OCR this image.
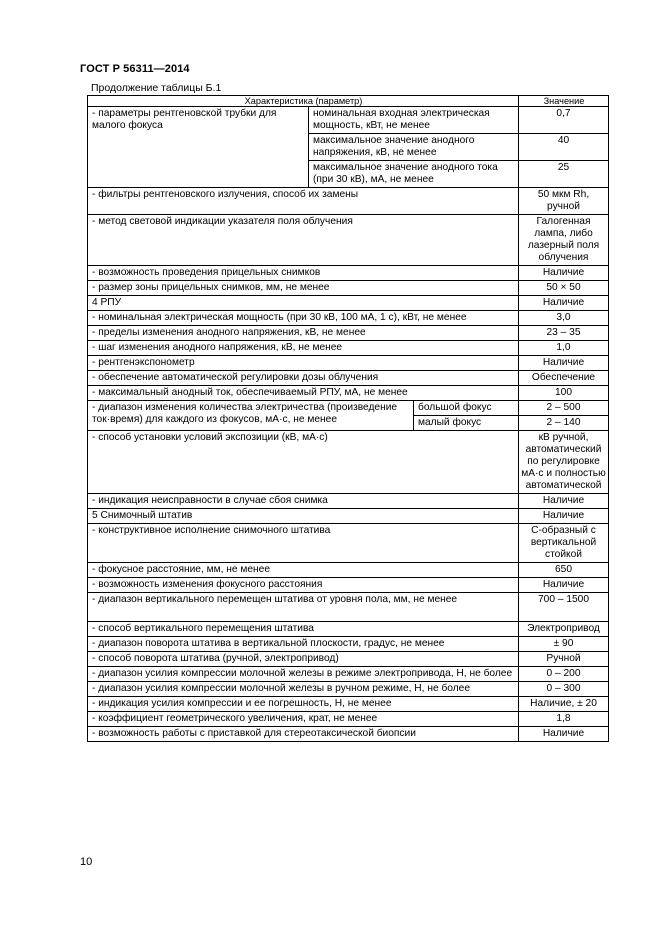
ГОСТ Р 56311—2014
Продолжение таблицы Б.1
Характеристика (параметр)			Значение
- параметры рентгеновской трубки для малого фокуса	номинальная входная электрическая мощность, кВт, не менее		0,7
	максимальное значение анодного напряжения, кВ, не менее		40
	максимальное значение анодного тока (при 30 кВ), мА, не менее		25
- фильтры рентгеновского излучения, способ их замены			50 мкм Rh, ручной
- метод световой индикации указателя поля облучения			Галогенная лампа, либо лазерный поля облучения
- возможность проведения прицельных снимков			Наличие
- размер зоны прицельных снимков, мм, не менее			50 × 50
4 РПУ			Наличие
- номинальная электрическая мощность (при 30 кВ, 100 мА, 1 с), кВт, не менее			3,0
- пределы изменения анодного напряжения, кВ, не менее			23 – 35
- шаг изменения анодного напряжения, кВ, не менее			1,0
- рентгенэкспонометр			Наличие
- обеспечение автоматической регулировки дозы облучения			Обеспечение
- максимальный анодный ток, обеспечиваемый РПУ, мА, не менее			100
- диапазон изменения количества электричества (произведение ток·время) для каждого из фокусов, мА·с, не менее		большой фокус	2 – 500
		малый фокус	2 – 140
- способ установки условий экспозиции (кВ, мА·с)			кВ ручной, автоматический по регулировке мА·с и полностью автоматической
- индикация неисправности в случае сбоя снимка			Наличие
5 Снимочный штатив			Наличие
- конструктивное исполнение снимочного штатива			С-образный с вертикальной стойкой
- фокусное расстояние, мм, не менее			650
- возможность изменения фокусного расстояния			Наличие
- диапазон вертикального перемещен штатива от уровня пола, мм, не менее			700 – 1500
- способ вертикального перемещения штатива			Электропривод
- диапазон поворота штатива в вертикальной плоскости, градус, не менее			± 90
- способ поворота штатива (ручной, электропривод)			Ручной
- диапазон усилия компрессии молочной железы в режиме электропривода, Н, не более			0 – 200
- диапазон усилия компрессии молочной железы в ручном режиме, Н, не более			0 – 300
- индикация усилия компрессии и ее погрешность, Н, не менее			Наличие, ± 20
- коэффициент геометрического увеличения, крат, не менее			1,8
- возможность работы с приставкой для стереотаксической биопсии			Наличие
10
